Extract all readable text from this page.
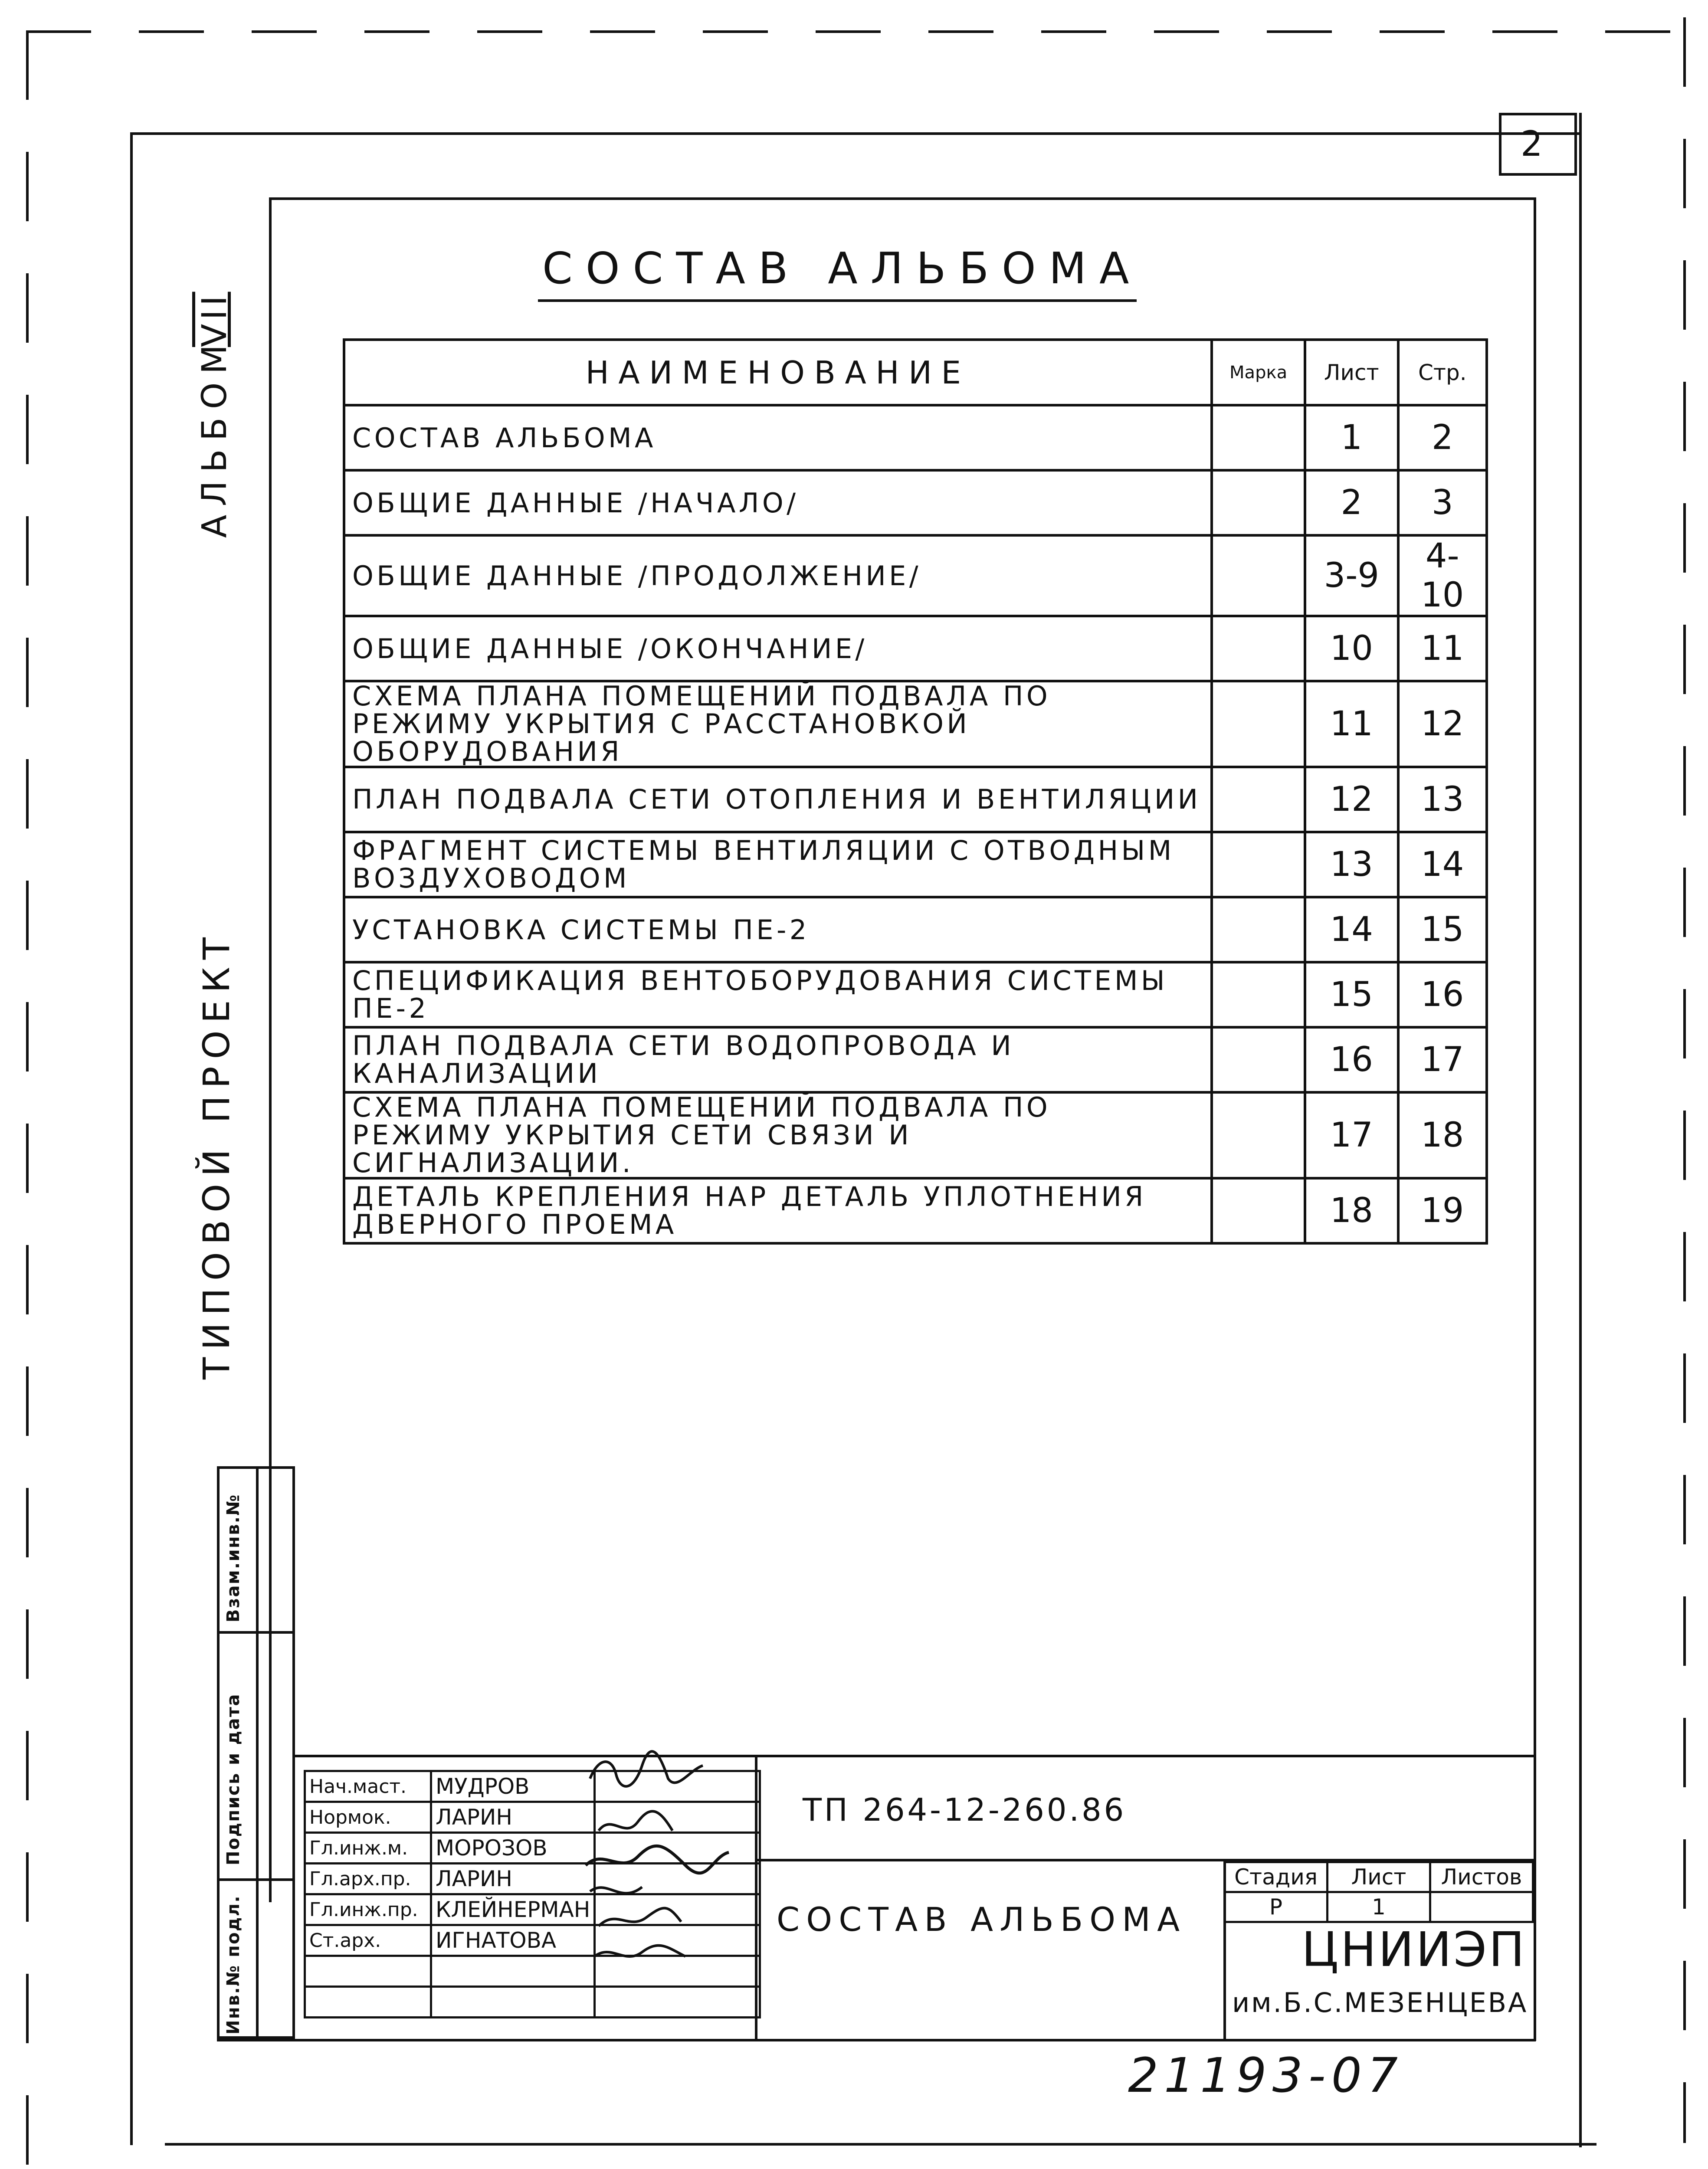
2
АЛЬБОМ
VII
ТИПОВОЙ ПРОЕКТ
Взам.инв.№
Подпись и дата
Инв.№ подл.
СОСТАВ АЛЬБОМА
НАИМЕНОВАНИЕ	Марка	Лист	Стр.
СОСТАВ АЛЬБОМА		1	2
ОБЩИЕ ДАННЫЕ /НАЧАЛО/		2	3
ОБЩИЕ ДАННЫЕ /ПРОДОЛЖЕНИЕ/		3-9	4-10
ОБЩИЕ ДАННЫЕ /ОКОНЧАНИЕ/		10	11
СХЕМА ПЛАНА ПОМЕЩЕНИЙ ПОДВАЛА ПО РЕЖИМУ УКРЫТИЯ С РАССТАНОВКОЙ ОБОРУДОВАНИЯ		11	12
ПЛАН ПОДВАЛА СЕТИ ОТОПЛЕНИЯ И ВЕНТИЛЯЦИИ		12	13
ФРАГМЕНТ СИСТЕМЫ ВЕНТИЛЯЦИИ С ОТВОДНЫМ ВОЗДУХОВОДОМ		13	14
УСТАНОВКА СИСТЕМЫ ПЕ-2		14	15
СПЕЦИФИКАЦИЯ ВЕНТОБОРУДОВАНИЯ СИСТЕМЫ ПЕ-2		15	16
ПЛАН ПОДВАЛА СЕТИ ВОДОПРОВОДА И КАНАЛИЗАЦИИ		16	17
СХЕМА ПЛАНА ПОМЕЩЕНИЙ ПОДВАЛА ПО РЕЖИМУ УКРЫТИЯ СЕТИ СВЯЗИ И СИГНАЛИЗАЦИИ.		17	18
ДЕТАЛЬ КРЕПЛЕНИЯ НАР ДЕТАЛЬ УПЛОТНЕНИЯ ДВЕРНОГО ПРОЕМА		18	19
Нач.маст.	МУДРОВ	
Нормок.	ЛАРИН	
Гл.инж.м.	МОРОЗОВ	
Гл.арх.пр.	ЛАРИН	
Гл.инж.пр.	КЛЕЙНЕРМАН	
Ст.арх.	ИГНАТОВА	

ТП 264-12-260.86
СОСТАВ АЛЬБОМА
Стадия	Лист	Листов
Р	1	
ЦНИИЭП
им.Б.С.МЕЗЕНЦЕВА
21193-07
